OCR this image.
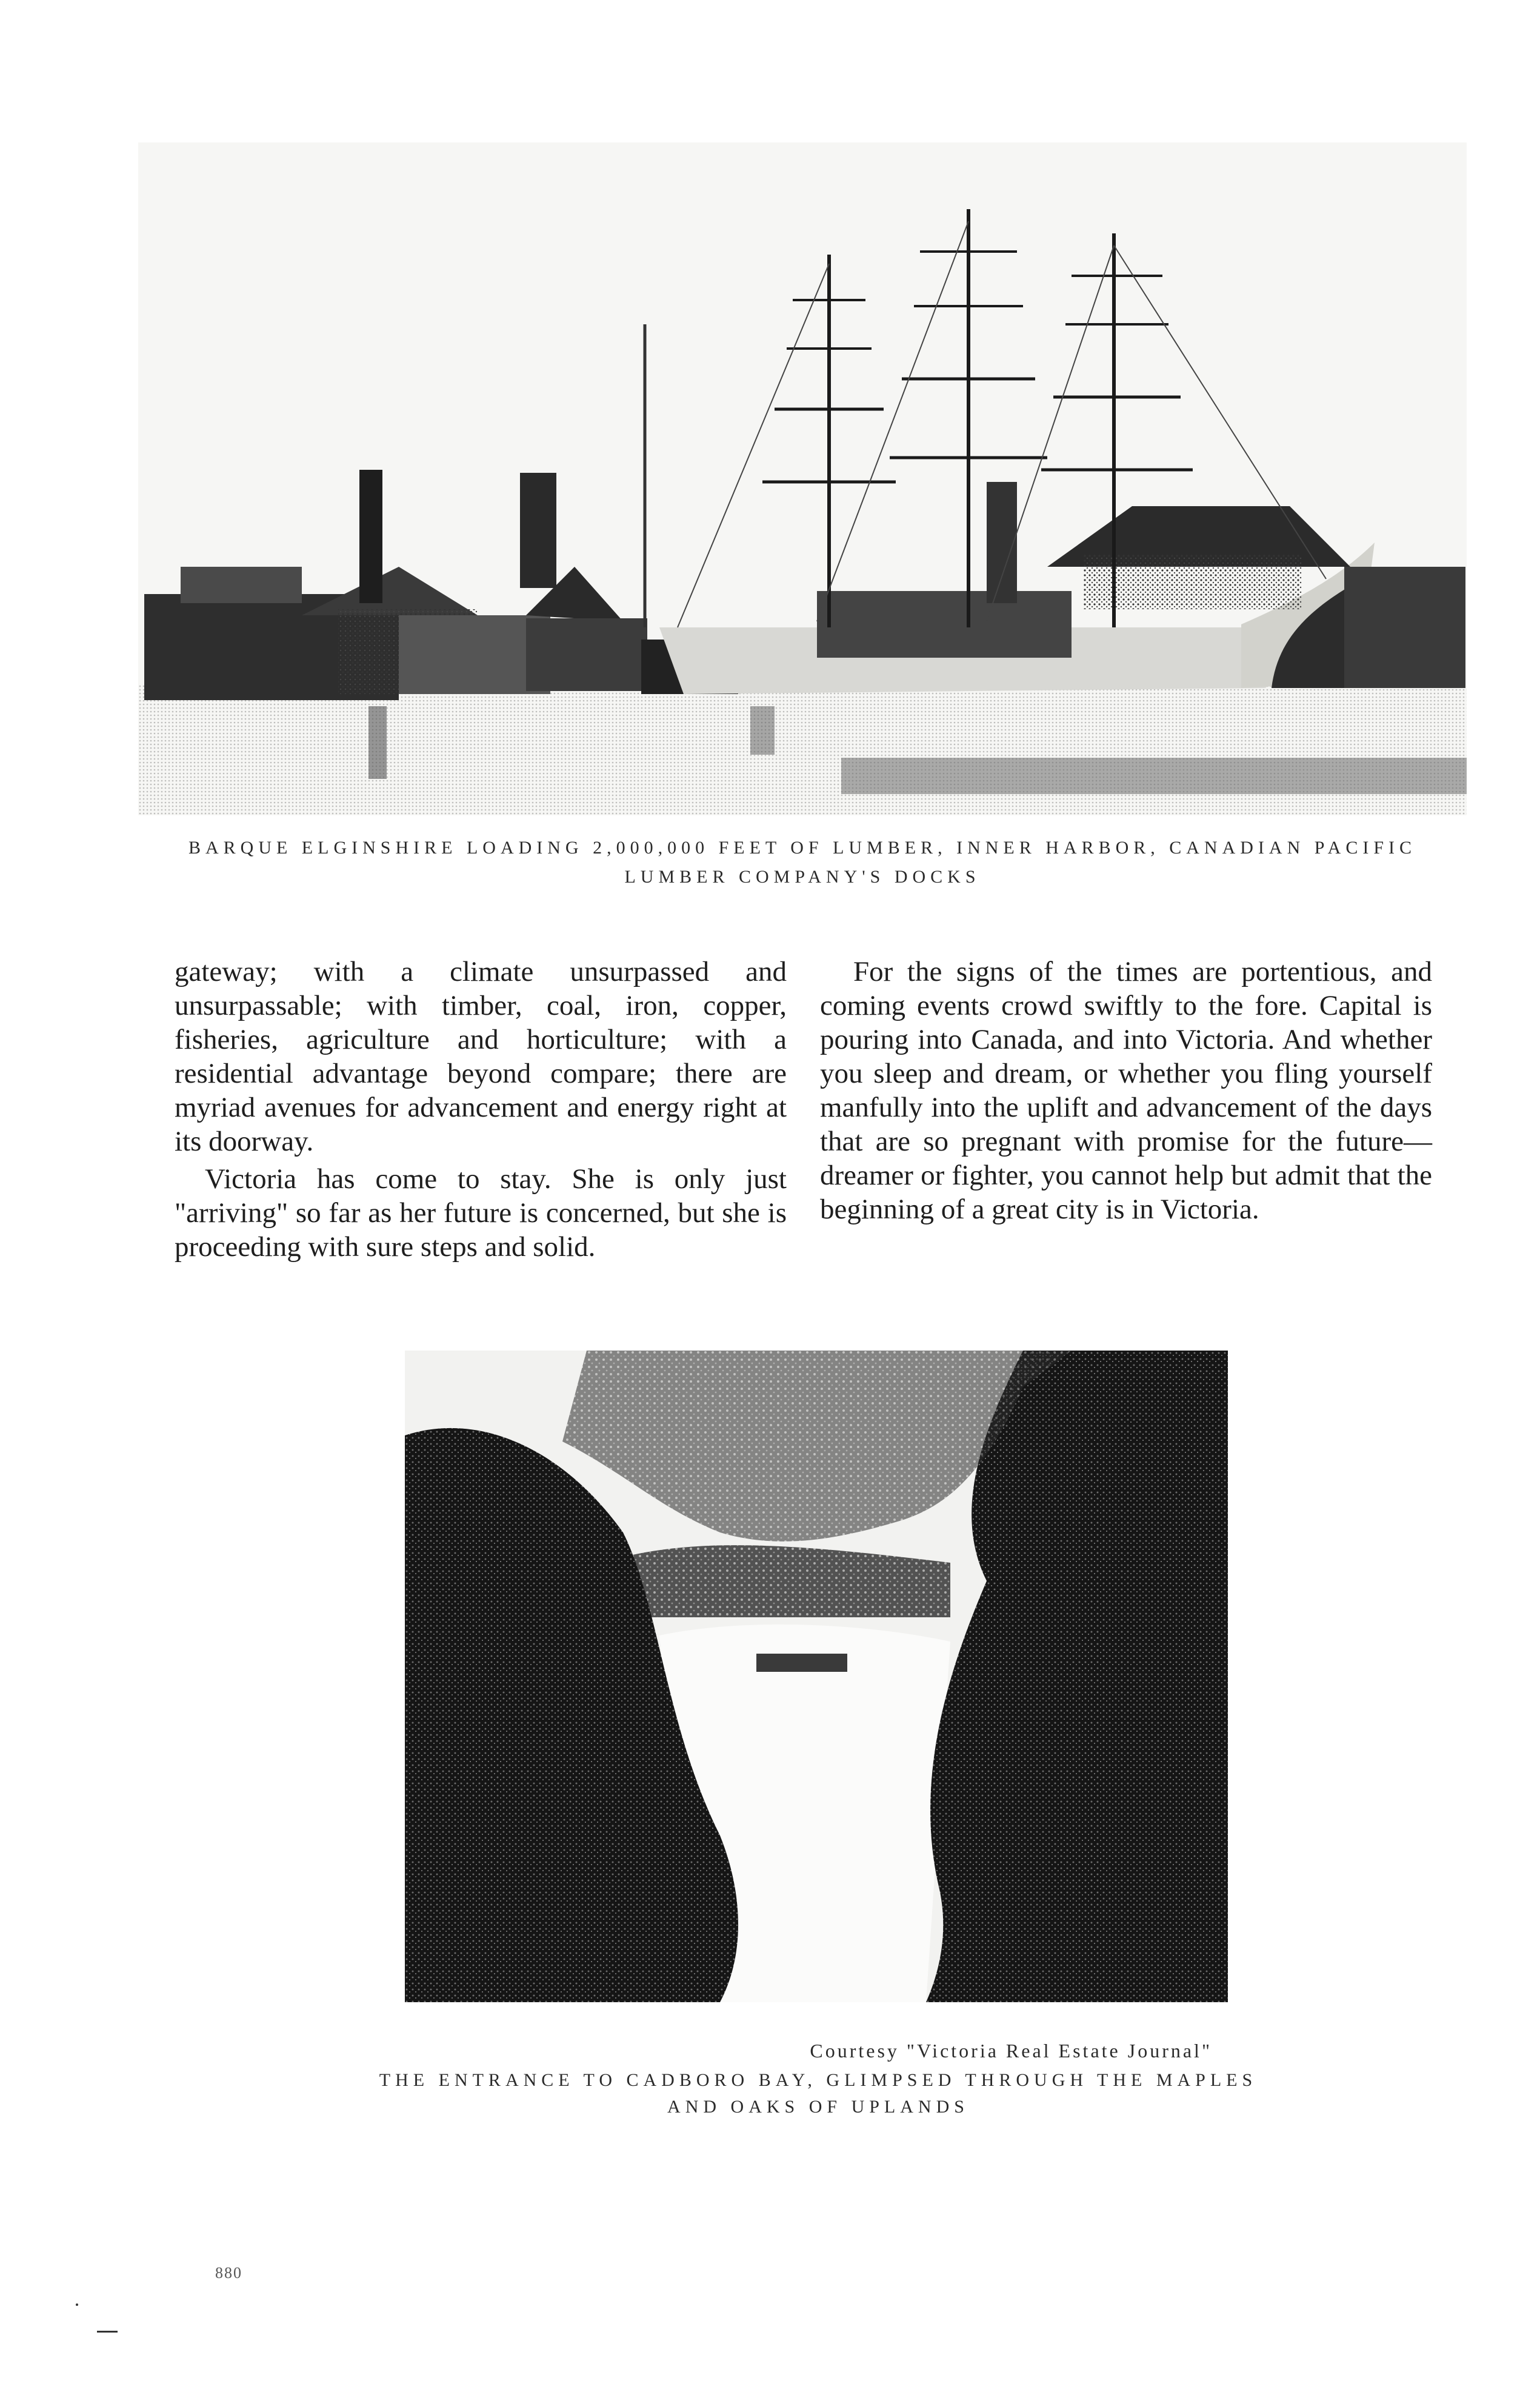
BARQUE ELGINSHIRE LOADING 2,000,000 FEET OF LUMBER, INNER HARBOR, CANADIAN PACIFIC LUMBER COMPANY'S DOCKS

gateway; with a climate unsurpassed and unsurpassable; with timber, coal, iron, copper, fisheries, agriculture and horticulture; with a residential advantage beyond compare; there are myriad avenues for advancement and energy right at its doorway.

Victoria has come to stay. She is only just "arriving" so far as her future is concerned, but she is proceeding with sure steps and solid.

For the signs of the times are portentious, and coming events crowd swiftly to the fore. Capital is pouring into Canada, and into Victoria. And whether you sleep and dream, or whether you fling yourself manfully into the uplift and advancement of the days that are so pregnant with promise for the future—dreamer or fighter, you cannot help but admit that the beginning of a great city is in Victoria.

Courtesy "Victoria Real Estate Journal"
THE ENTRANCE TO CADBORO BAY, GLIMPSED THROUGH THE MAPLES AND OAKS OF UPLANDS
880
